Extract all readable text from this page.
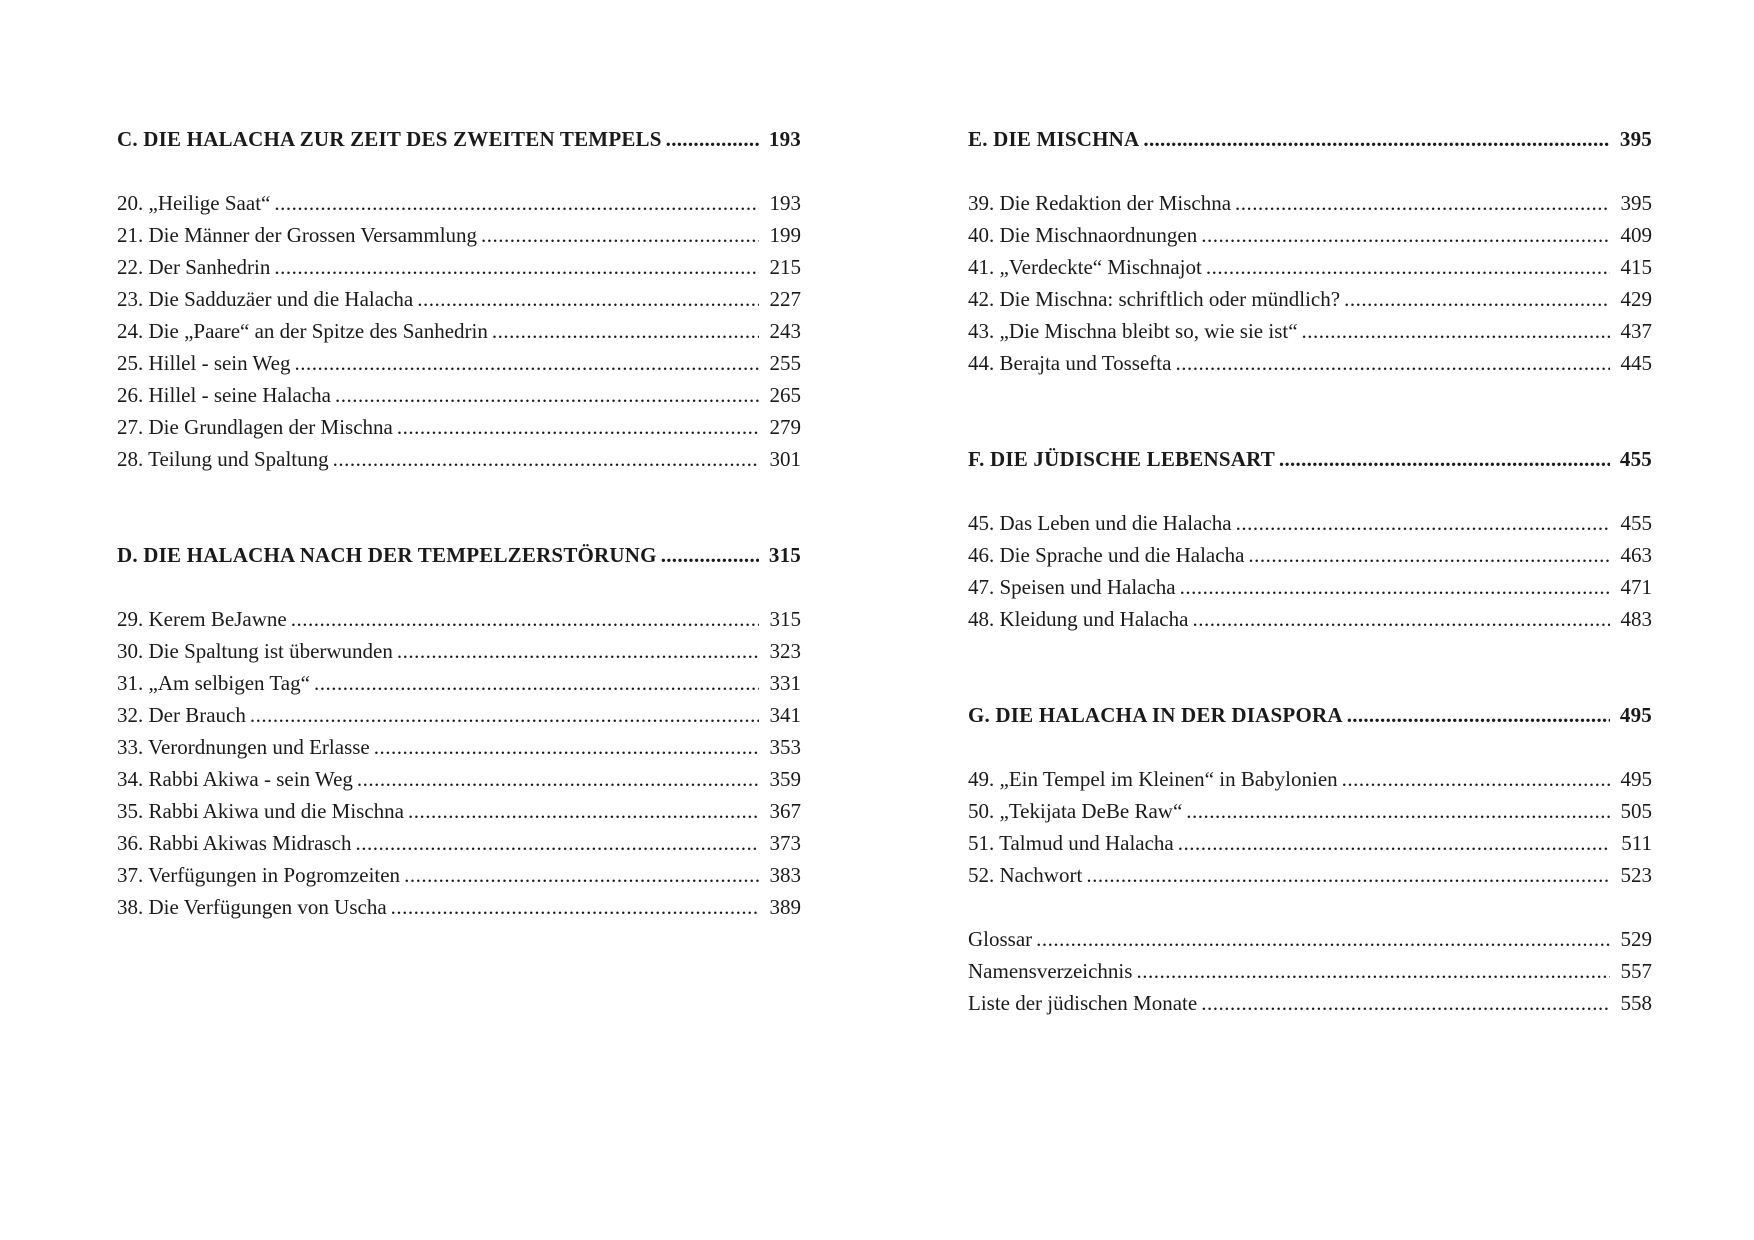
C. DIE HALACHA ZUR ZEIT DES ZWEITEN TEMPELS .....	193
20. „Heilige Saat“ .....	193
21. Die Männer der Grossen Versammlung .....	199
22. Der Sanhedrin .....	215
23. Die Sadduzäer und die Halacha .....	227
24. Die „Paare“ an der Spitze des Sanhedrin .....	243
25. Hillel - sein Weg .....	255
26. Hillel - seine Halacha .....	265
27. Die Grundlagen der Mischna .....	279
28. Teilung und Spaltung .....	301
D. DIE HALACHA NACH DER TEMPELZERSTÖRUNG .....	315
29. Kerem BeJawne .....	315
30. Die Spaltung ist überwunden .....	323
31. „Am selbigen Tag“ .....	331
32. Der Brauch .....	341
33. Verordnungen und Erlasse .....	353
34. Rabbi Akiwa - sein Weg .....	359
35. Rabbi Akiwa und die Mischna .....	367
36. Rabbi Akiwas Midrasch .....	373
37. Verfügungen in Pogromzeiten .....	383
38. Die Verfügungen von Uscha .....	389
E. DIE MISCHNA .....	395
39. Die Redaktion der Mischna .....	395
40. Die Mischnaordnungen .....	409
41. „Verdeckte“ Mischnajot .....	415
42. Die Mischna: schriftlich oder mündlich? .....	429
43. „Die Mischna bleibt so, wie sie ist“ .....	437
44. Berajta und Tossefta .....	445
F. DIE JÜDISCHE LEBENSART .....	455
45. Das Leben und die Halacha .....	455
46. Die Sprache und die Halacha .....	463
47. Speisen und Halacha .....	471
48. Kleidung und Halacha .....	483
G. DIE HALACHA IN DER DIASPORA .....	495
49. „Ein Tempel im Kleinen“ in Babylonien .....	495
50. „Tekijata DeBe Raw“ .....	505
51. Talmud und Halacha .....	511
52. Nachwort .....	523
Glossar .....	529
Namensverzeichnis .....	557
Liste der jüdischen Monate .....	558
